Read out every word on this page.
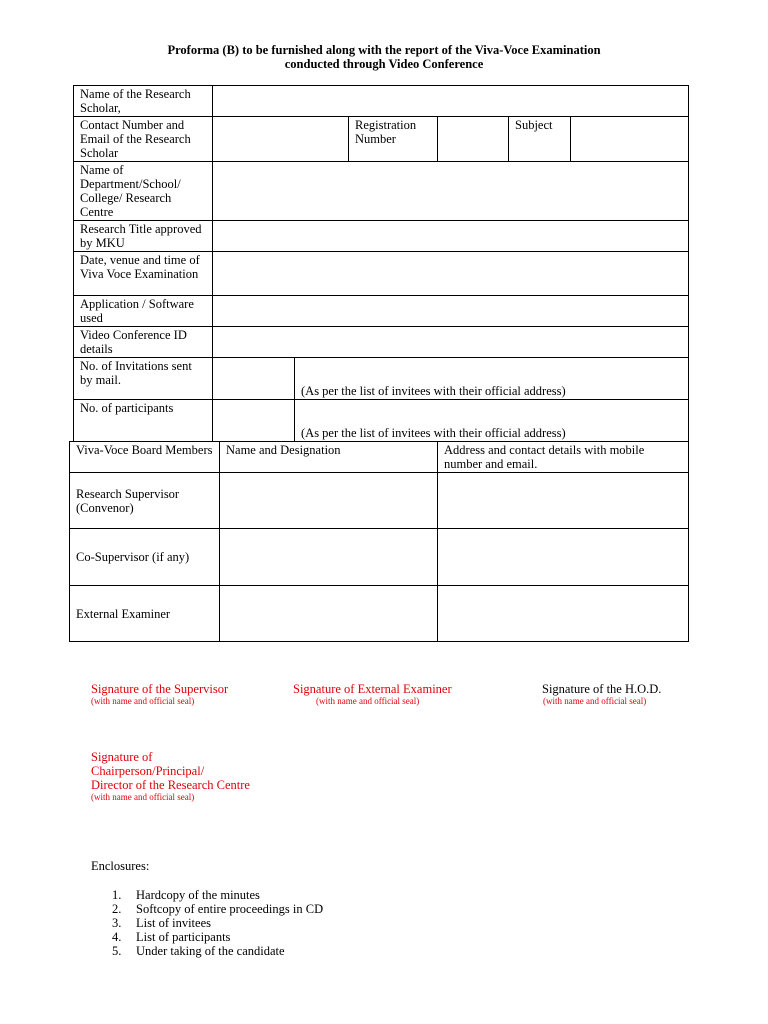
Proforma (B) to be furnished along with the report of the Viva-Voce Examination
conducted through Video Conference
Name of the Research Scholar,						
Contact Number and Email of the Research Scholar			Registration Number		Subject	
Name of Department/School/ College/ Research Centre						
Research Title approved by MKU						
Date, venue and time of Viva Voce Examination						
Application / Software used						
Video Conference ID details						
No. of Invitations sent by mail.		(As per the list of invitees with their official address)				
No. of participants		(As per the list of invitees with their official address)				
Viva-Voce Board Members	Name and Designation	Address and contact details with mobile number and email.
Research Supervisor (Convenor)		
Co-Supervisor (if any)		
External Examiner		
Signature of the Supervisor
(with name and official seal)
Signature of External Examiner
(with name and official seal)
Signature of the H.O.D.
(with name and official seal)
Signature of
Chairperson/Principal/
Director of the Research Centre
(with name and official seal)
Enclosures:
1.	Hardcopy of the minutes
2.	Softcopy of entire proceedings in CD
3.	List of invitees
4.	List of participants
5.	Under taking of the candidate
